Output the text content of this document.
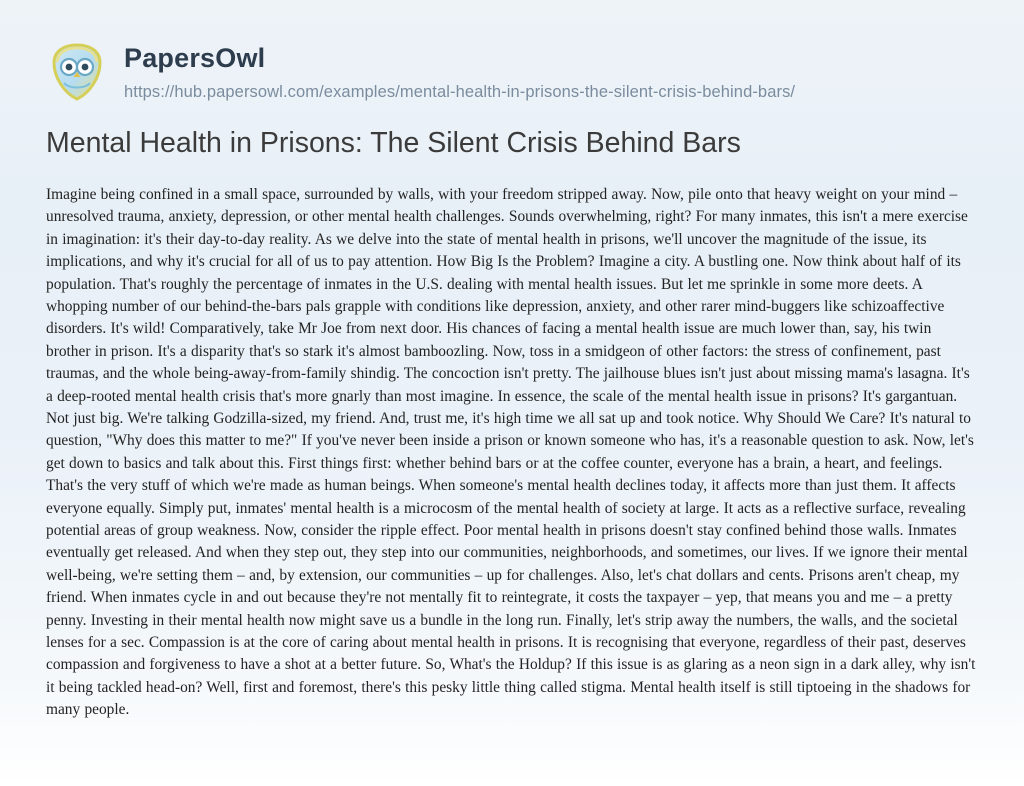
PapersOwl
https://hub.papersowl.com/examples/mental-health-in-prisons-the-silent-crisis-behind-bars/
Mental Health in Prisons: The Silent Crisis Behind Bars

Imagine being confined in a small space, surrounded by walls, with your freedom stripped away. Now, pile onto that heavy weight on your mind – unresolved trauma, anxiety, depression, or other mental health challenges. Sounds overwhelming, right? For many inmates, this isn't a mere exercise in imagination: it's their day-to-day reality. As we delve into the state of mental health in prisons, we'll uncover the magnitude of the issue, its implications, and why it's crucial for all of us to pay attention. How Big Is the Problem? Imagine a city. A bustling one. Now think about half of its population. That's roughly the percentage of inmates in the U.S. dealing with mental health issues. But let me sprinkle in some more deets. A whopping number of our behind-the-bars pals grapple with conditions like depression, anxiety, and other rarer mind-buggers like schizoaffective disorders. It's wild! Comparatively, take Mr Joe from next door. His chances of facing a mental health issue are much lower than, say, his twin brother in prison. It's a disparity that's so stark it's almost bamboozling. Now, toss in a smidgeon of other factors: the stress of confinement, past traumas, and the whole being-away-from-family shindig. The concoction isn't pretty. The jailhouse blues isn't just about missing mama's lasagna. It's a deep-rooted mental health crisis that's more gnarly than most imagine. In essence, the scale of the mental health issue in prisons? It's gargantuan. Not just big. We're talking Godzilla-sized, my friend. And, trust me, it's high time we all sat up and took notice. Why Should We Care? It's natural to question, "Why does this matter to me?" If you've never been inside a prison or known someone who has, it's a reasonable question to ask. Now, let's get down to basics and talk about this. First things first: whether behind bars or at the coffee counter, everyone has a brain, a heart, and feelings. That's the very stuff of which we're made as human beings. When someone's mental health declines today, it affects more than just them. It affects everyone equally. Simply put, inmates' mental health is a microcosm of the mental health of society at large. It acts as a reflective surface, revealing potential areas of group weakness. Now, consider the ripple effect. Poor mental health in prisons doesn't stay confined behind those walls. Inmates eventually get released. And when they step out, they step into our communities, neighborhoods, and sometimes, our lives. If we ignore their mental well-being, we're setting them – and, by extension, our communities – up for challenges. Also, let's chat dollars and cents. Prisons aren't cheap, my friend. When inmates cycle in and out because they're not mentally fit to reintegrate, it costs the taxpayer – yep, that means you and me – a pretty penny. Investing in their mental health now might save us a bundle in the long run. Finally, let's strip away the numbers, the walls, and the societal lenses for a sec. Compassion is at the core of caring about mental health in prisons. It is recognising that everyone, regardless of their past, deserves compassion and forgiveness to have a shot at a better future. So, What's the Holdup? If this issue is as glaring as a neon sign in a dark alley, why isn't it being tackled head-on? Well, first and foremost, there's this pesky little thing called stigma. Mental health itself is still tiptoeing in the shadows for many people.
